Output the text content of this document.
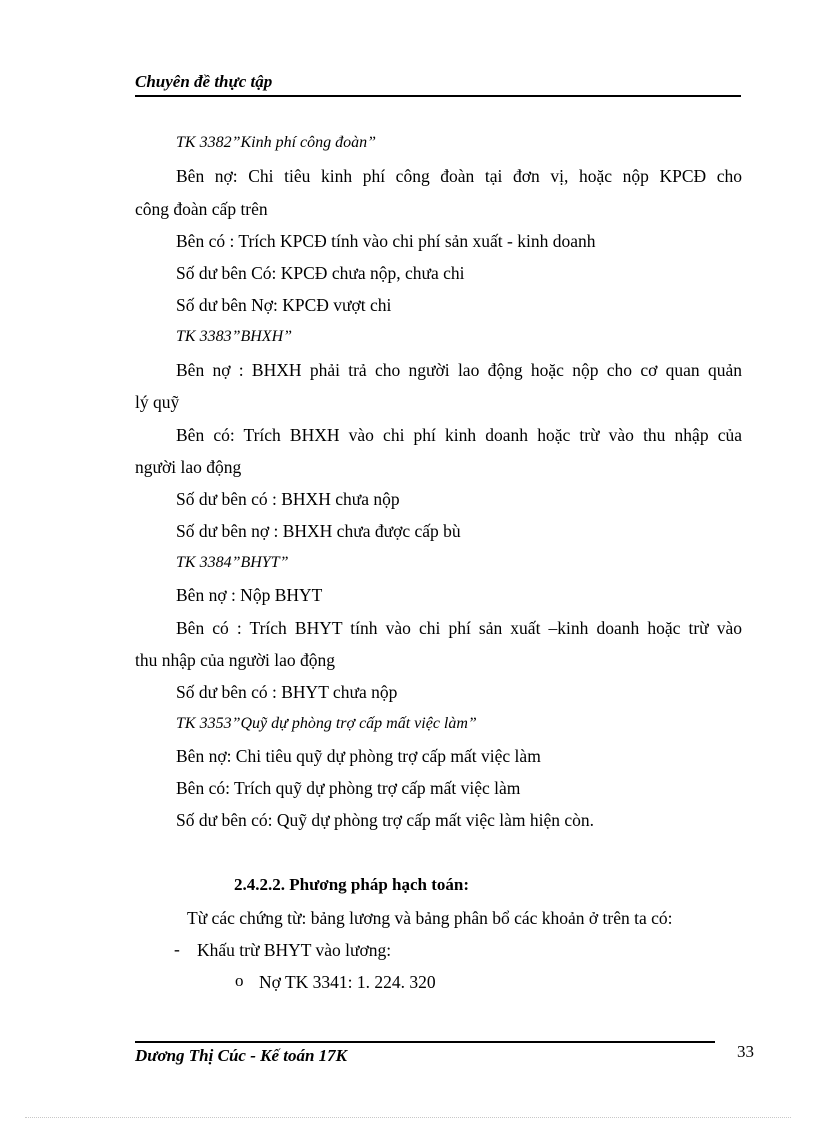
Chuyên đề thực tập
TK 3382”Kinh phí công đoàn”
Bên nợ: Chi tiêu kinh phí công đoàn tại đơn vị, hoặc nộp KPCĐ cho
công đoàn cấp trên
Bên có : Trích KPCĐ tính vào chi phí sản xuất - kinh doanh
Số dư bên Có: KPCĐ chưa nộp, chưa chi
Số dư bên Nợ: KPCĐ vượt chi
TK 3383”BHXH”
Bên nợ : BHXH phải trả cho người lao động hoặc nộp cho cơ quan quản
lý quỹ
Bên có: Trích BHXH vào chi phí kinh doanh hoặc trừ vào thu nhập của
người lao động
Số dư bên có : BHXH chưa nộp
Số dư bên nợ : BHXH chưa được cấp bù
TK 3384”BHYT”
Bên nợ : Nộp BHYT
Bên có : Trích BHYT tính vào chi phí sản xuất –kinh doanh hoặc trừ vào
thu nhập của người lao động
Số dư bên có : BHYT chưa nộp
TK 3353”Quỹ dự phòng trợ cấp mất việc làm”
Bên nợ: Chi tiêu quỹ dự phòng trợ cấp mất việc làm
Bên có: Trích quỹ dự phòng trợ cấp mất việc làm
Số dư bên có: Quỹ dự phòng trợ cấp mất việc làm hiện còn.
2.4.2.2. Phương pháp hạch toán:
Từ các chứng từ: bảng lương và bảng phân bổ các khoản ở trên ta có:
- Khấu trừ BHYT vào lương:
o Nợ TK 3341: 1. 224. 320
Dương Thị Cúc - Kế toán 17K	33
